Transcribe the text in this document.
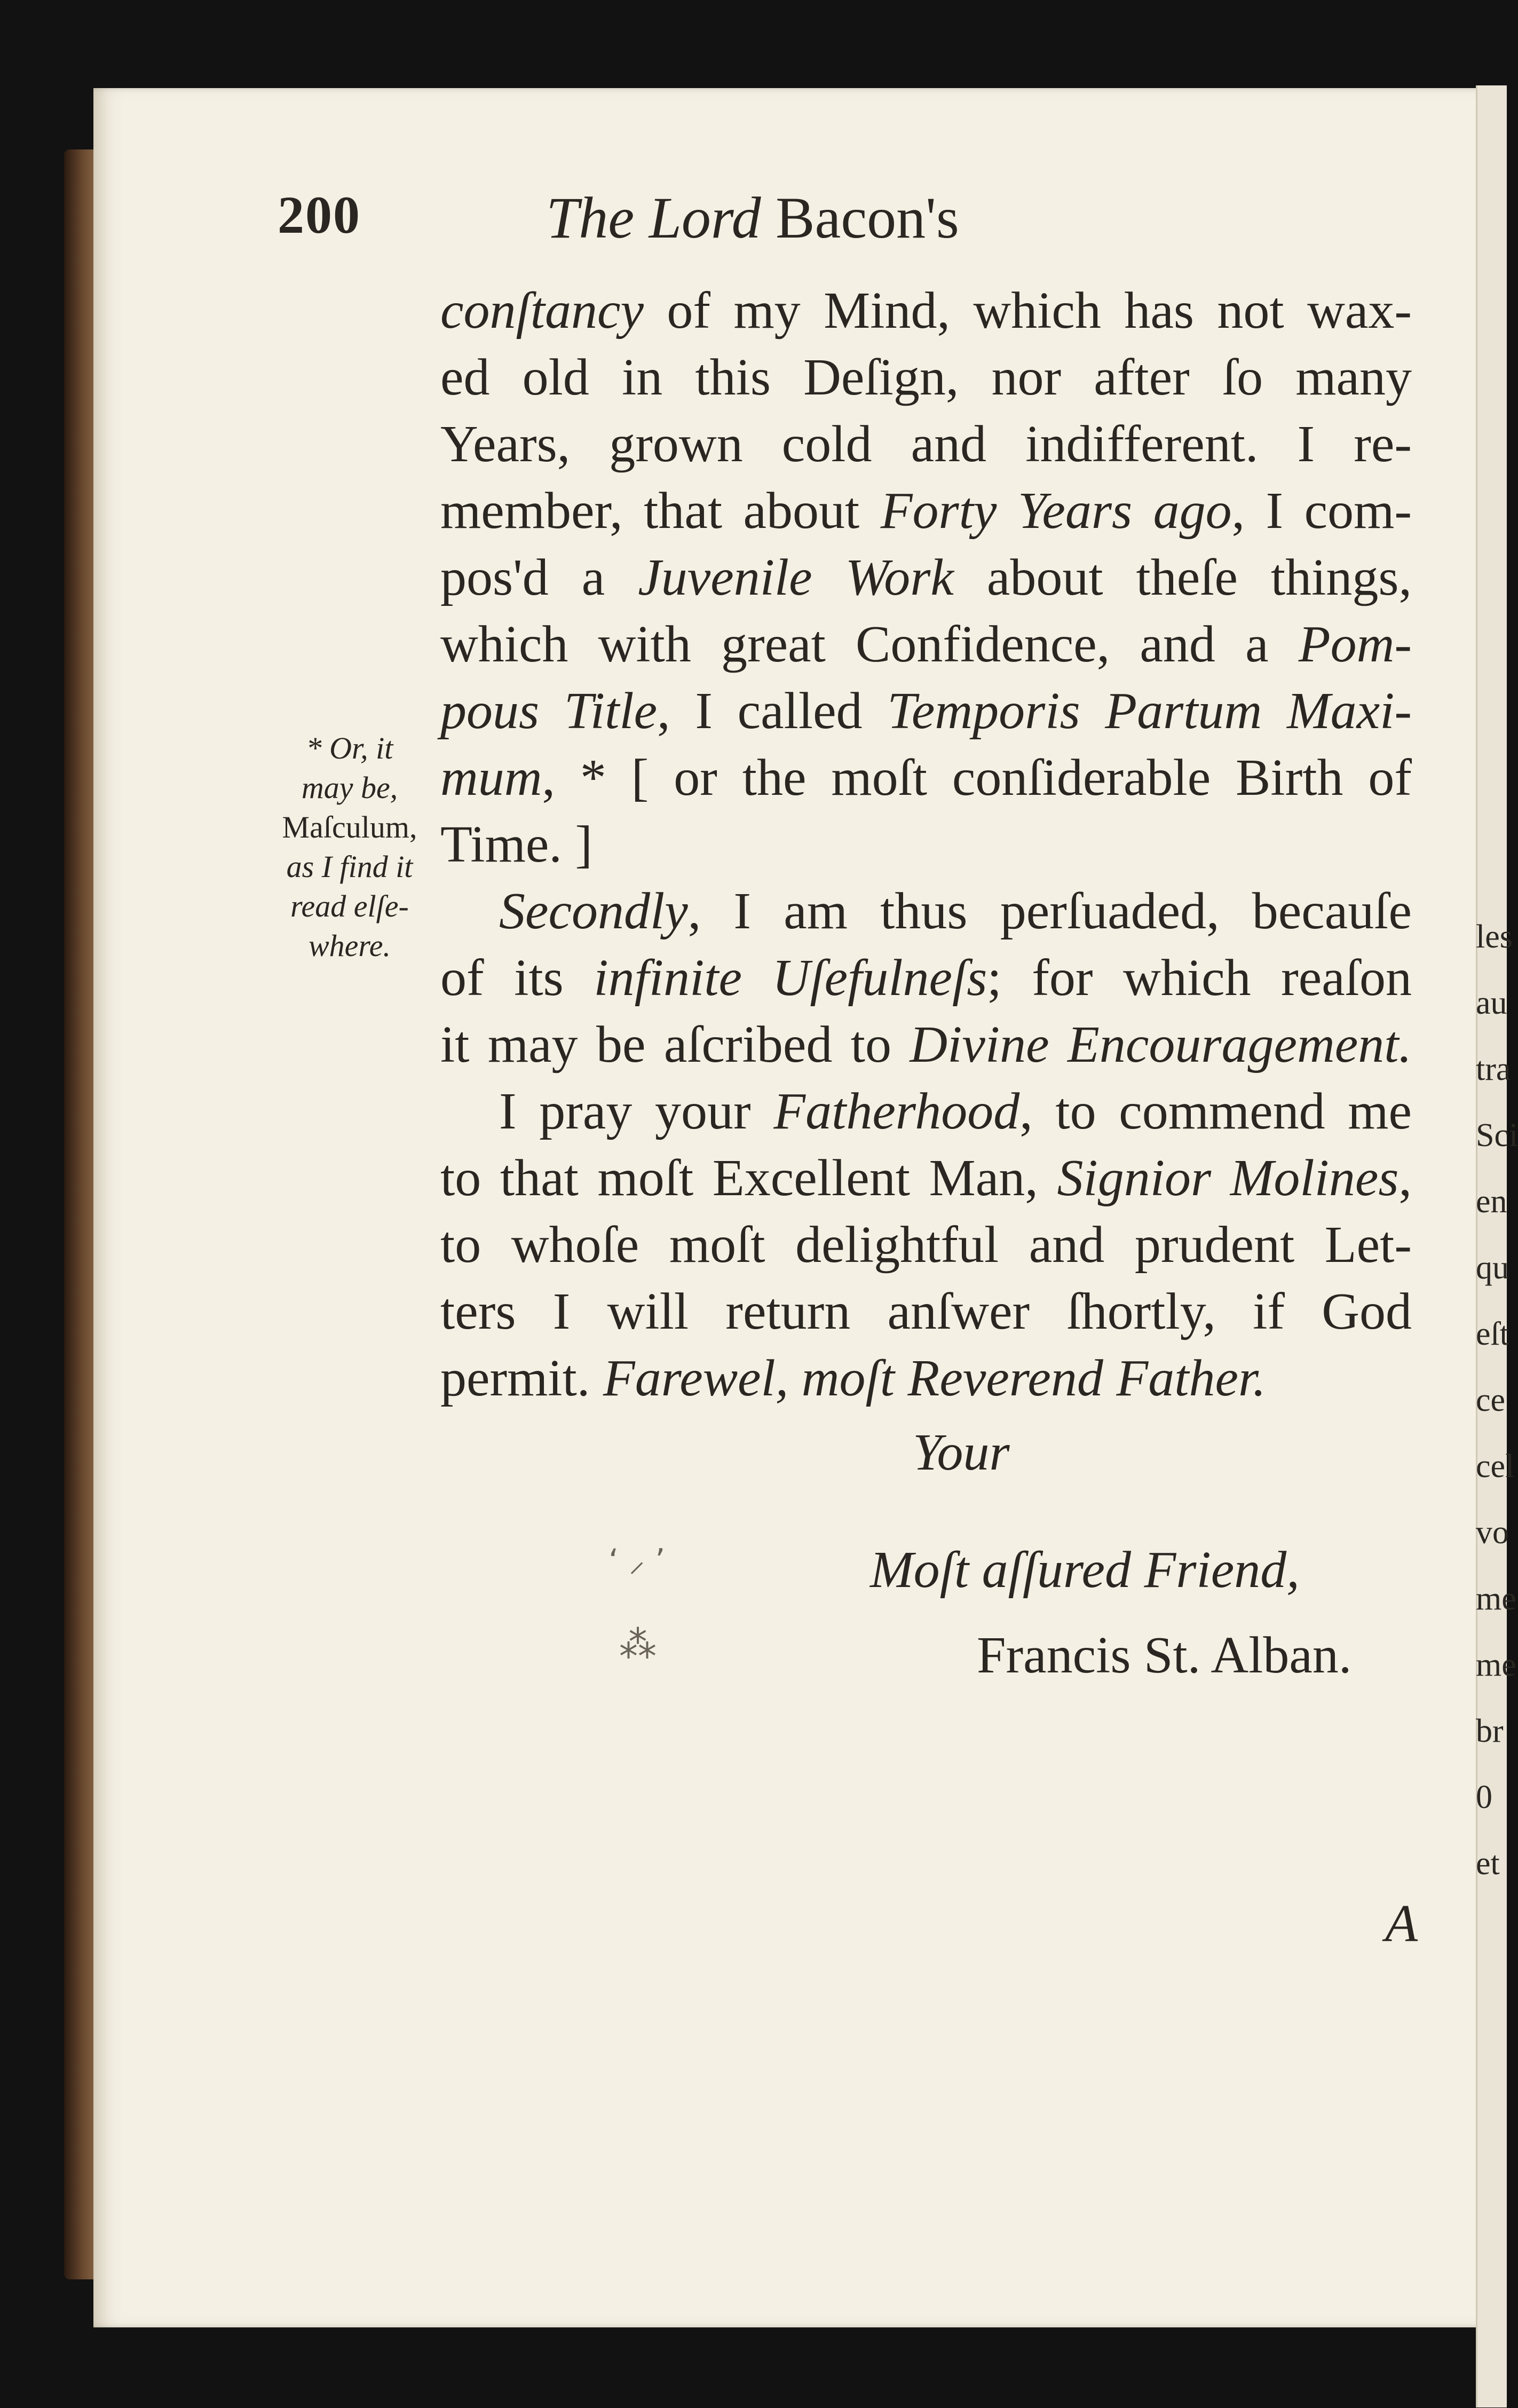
200	The Lord Bacon's
conſtancy of my Mind, which has not wax-
ed old in this Deſign, nor after ſo many
Years, grown cold and indifferent. I re-
member, that about Forty Years ago, I com-
pos'd a Juvenile Work about theſe things,
which with great Confidence, and a Pom-
pous Title, I called Temporis Partum Maxi-
mum, * [ or the moſt conſiderable Birth of
Time. ]
Secondly, I am thus perſuaded, becauſe
of its infinite Uſefulneſs; for which reaſon
it may be aſcribed to Divine Encouragement.
I pray your Fatherhood, to commend me
to that moſt Excellent Man, Signior Molines,
to whoſe moſt delightful and prudent Let-
ters I will return anſwer ſhortly, if God
permit. Farewel, moſt Reverend Father.
* Or, it
may be,
Maſculum,
as I find it
read elſe-
where.
Your
Moſt aſſured Friend,
Francis St. Alban.
A
les
au
tra
Sci
en
qu
eſt
ce
cel
vo
me
me
br
0
et
‘ ⸝ ’
⁂
